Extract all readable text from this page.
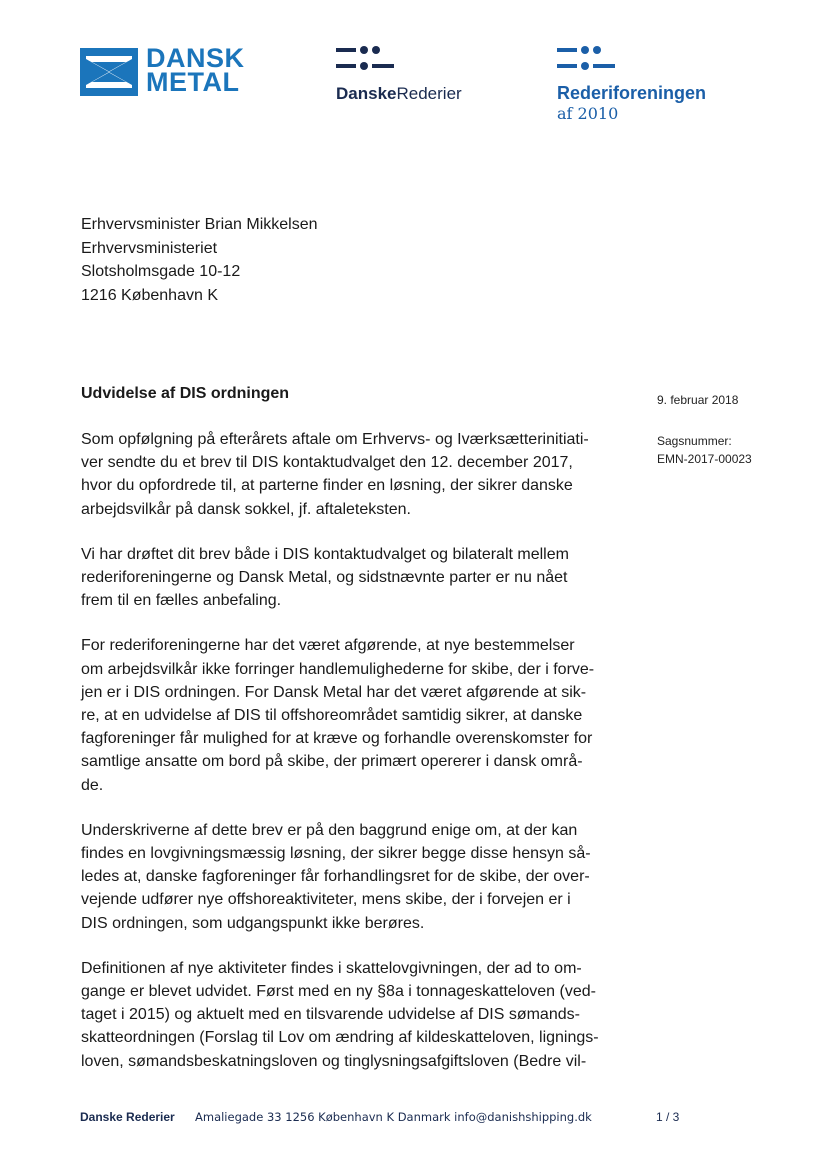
DANSK
METAL	DanskeRederier	Rederiforeningen
af 2010
Erhvervsminister Brian Mikkelsen
Erhvervsministeriet
Slotsholmsgade 10-12
1216 København K
Udvidelse af DIS ordningen	9. februar 2018
Sagsnummer:
EMN-2017-00023
Som opfølgning på efterårets aftale om Erhvervs- og Iværksætterinitiati-
ver sendte du et brev til DIS kontaktudvalget den 12. december 2017,
hvor du opfordrede til, at parterne finder en løsning, der sikrer danske
arbejdsvilkår på dansk sokkel, jf. aftaleteksten.
Vi har drøftet dit brev både i DIS kontaktudvalget og bilateralt mellem
rederiforeningerne og Dansk Metal, og sidstnævnte parter er nu nået
frem til en fælles anbefaling.
For rederiforeningerne har det været afgørende, at nye bestemmelser
om arbejdsvilkår ikke forringer handlemulighederne for skibe, der i forve-
jen er i DIS ordningen. For Dansk Metal har det været afgørende at sik-
re, at en udvidelse af DIS til offshoreområdet samtidig sikrer, at danske
fagforeninger får mulighed for at kræve og forhandle overenskomster for
samtlige ansatte om bord på skibe, der primært opererer i dansk områ-
de.
Underskriverne af dette brev er på den baggrund enige om, at der kan
findes en lovgivningsmæssig løsning, der sikrer begge disse hensyn så-
ledes at, danske fagforeninger får forhandlingsret for de skibe, der over-
vejende udfører nye offshoreaktiviteter, mens skibe, der i forvejen er i
DIS ordningen, som udgangspunkt ikke berøres.
Definitionen af nye aktiviteter findes i skattelovgivningen, der ad to om-
gange er blevet udvidet. Først med en ny §8a i tonnageskatteloven (ved-
taget i 2015) og aktuelt med en tilsvarende udvidelse af DIS sømands-
skatteordningen (Forslag til Lov om ændring af kildeskatteloven, lignings-
loven, sømandsbeskatningsloven og tinglysningsafgiftsloven (Bedre vil-
Danske Rederier Amaliegade 33 1256 København K Danmark info@danishshipping.dk	1 / 3
